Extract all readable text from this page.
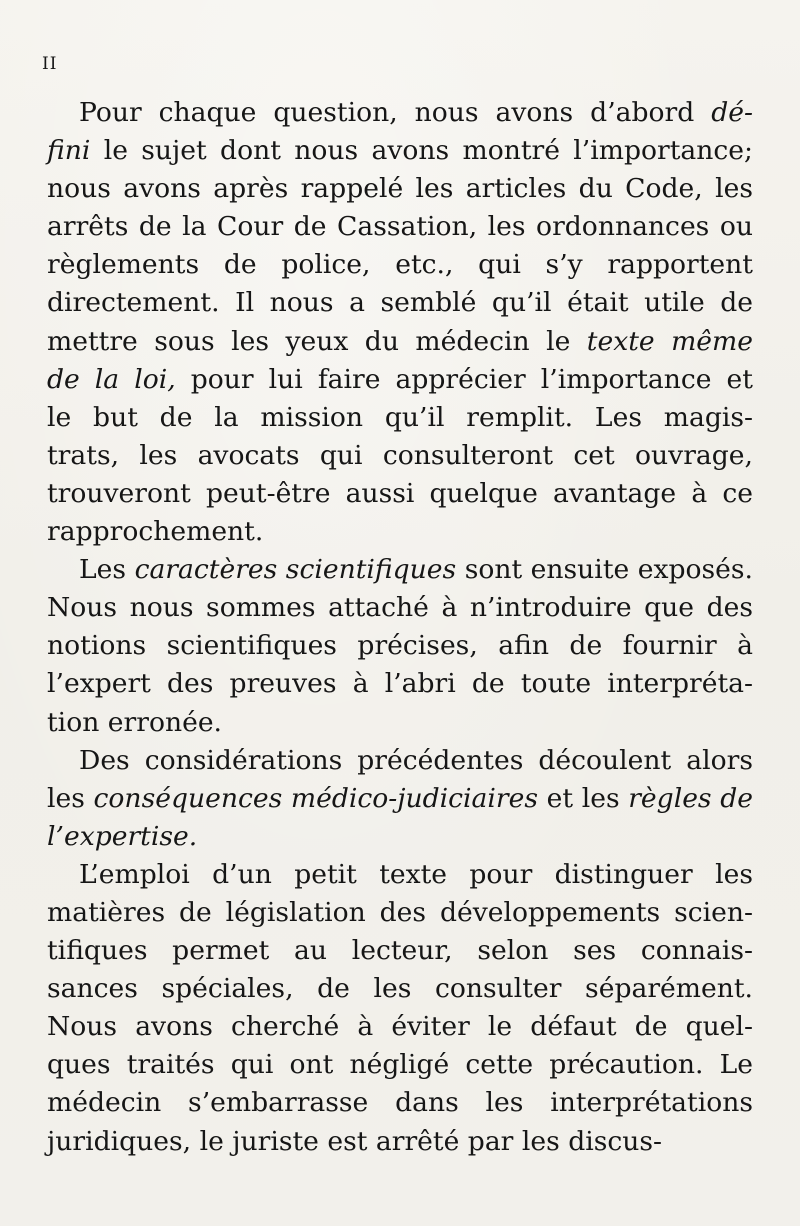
II
Pour chaque question, nous avons d’abord dé-
fini le sujet dont nous avons montré l’importance;
nous avons après rappelé les articles du Code, les
arrêts de la Cour de Cassation, les ordonnances ou
règlements de police, etc., qui s’y rapportent
directement. Il nous a semblé qu’il était utile de
mettre sous les yeux du médecin le texte même
de la loi, pour lui faire apprécier l’importance et
le but de la mission qu’il remplit. Les magis-
trats, les avocats qui consulteront cet ouvrage,
trouveront peut-être aussi quelque avantage à ce
rapprochement.
Les caractères scientifiques sont ensuite exposés.
Nous nous sommes attaché à n’introduire que des
notions scientifiques précises, afin de fournir à
l’expert des preuves à l’abri de toute interpréta-
tion erronée.
Des considérations précédentes découlent alors
les conséquences médico-judiciaires et les règles de
l’expertise.
L’emploi d’un petit texte pour distinguer les
matières de législation des développements scien-
tifiques permet au lecteur, selon ses connais-
sances spéciales, de les consulter séparément.
Nous avons cherché à éviter le défaut de quel-
ques traités qui ont négligé cette précaution. Le
médecin s’embarrasse dans les interprétations
juridiques, le juriste est arrêté par les discus-
